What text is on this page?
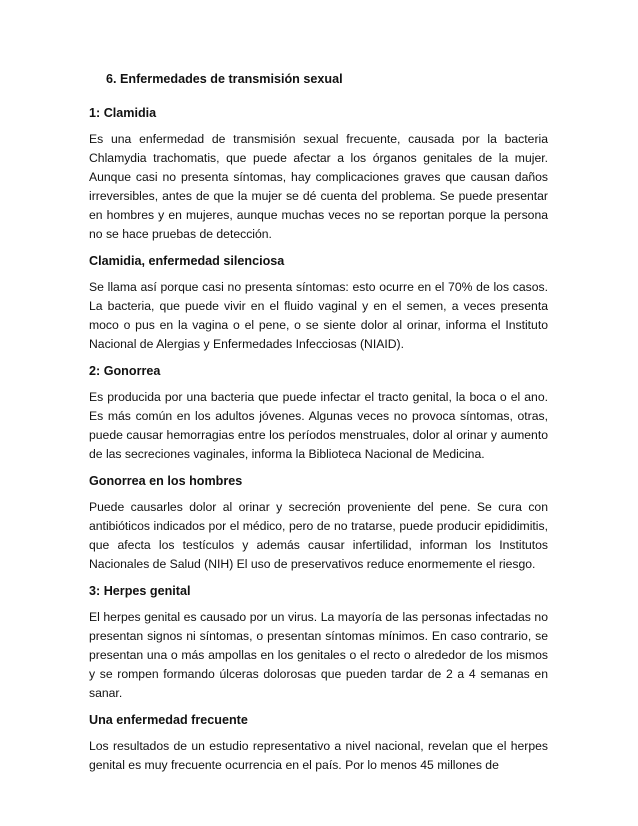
6. Enfermedades de transmisión sexual
1: Clamidia

Es una enfermedad de transmisión sexual frecuente, causada por la bacteria Chlamydia trachomatis, que puede afectar a los órganos genitales de la mujer. Aunque casi no presenta síntomas, hay complicaciones graves que causan daños irreversibles, antes de que la mujer se dé cuenta del problema. Se puede presentar en hombres y en mujeres, aunque muchas veces no se reportan porque la persona no se hace pruebas de detección.

Clamidia, enfermedad silenciosa

Se llama así porque casi no presenta síntomas: esto ocurre en el 70% de los casos. La bacteria, que puede vivir en el fluido vaginal y en el semen, a veces presenta moco o pus en la vagina o el pene, o se siente dolor al orinar, informa el Instituto Nacional de Alergias y Enfermedades Infecciosas (NIAID).

2: Gonorrea

Es producida por una bacteria que puede infectar el tracto genital, la boca o el ano. Es más común en los adultos jóvenes. Algunas veces no provoca síntomas, otras, puede causar hemorragias entre los períodos menstruales, dolor al orinar y aumento de las secreciones vaginales, informa la Biblioteca Nacional de Medicina.

Gonorrea en los hombres

Puede causarles dolor al orinar y secreción proveniente del pene. Se cura con antibióticos indicados por el médico, pero de no tratarse, puede producir epididimitis, que afecta los testículos y además causar infertilidad, informan los Institutos Nacionales de Salud (NIH) El uso de preservativos reduce enormemente el riesgo.

3: Herpes genital

El herpes genital es causado por un virus. La mayoría de las personas infectadas no presentan signos ni síntomas, o presentan síntomas mínimos. En caso contrario, se presentan una o más ampollas en los genitales o el recto o alrededor de los mismos y se rompen formando úlceras dolorosas que pueden tardar de 2 a 4 semanas en sanar.

Una enfermedad frecuente

Los resultados de un estudio representativo a nivel nacional, revelan que el herpes genital es muy frecuente ocurrencia en el país. Por lo menos 45 millones de
